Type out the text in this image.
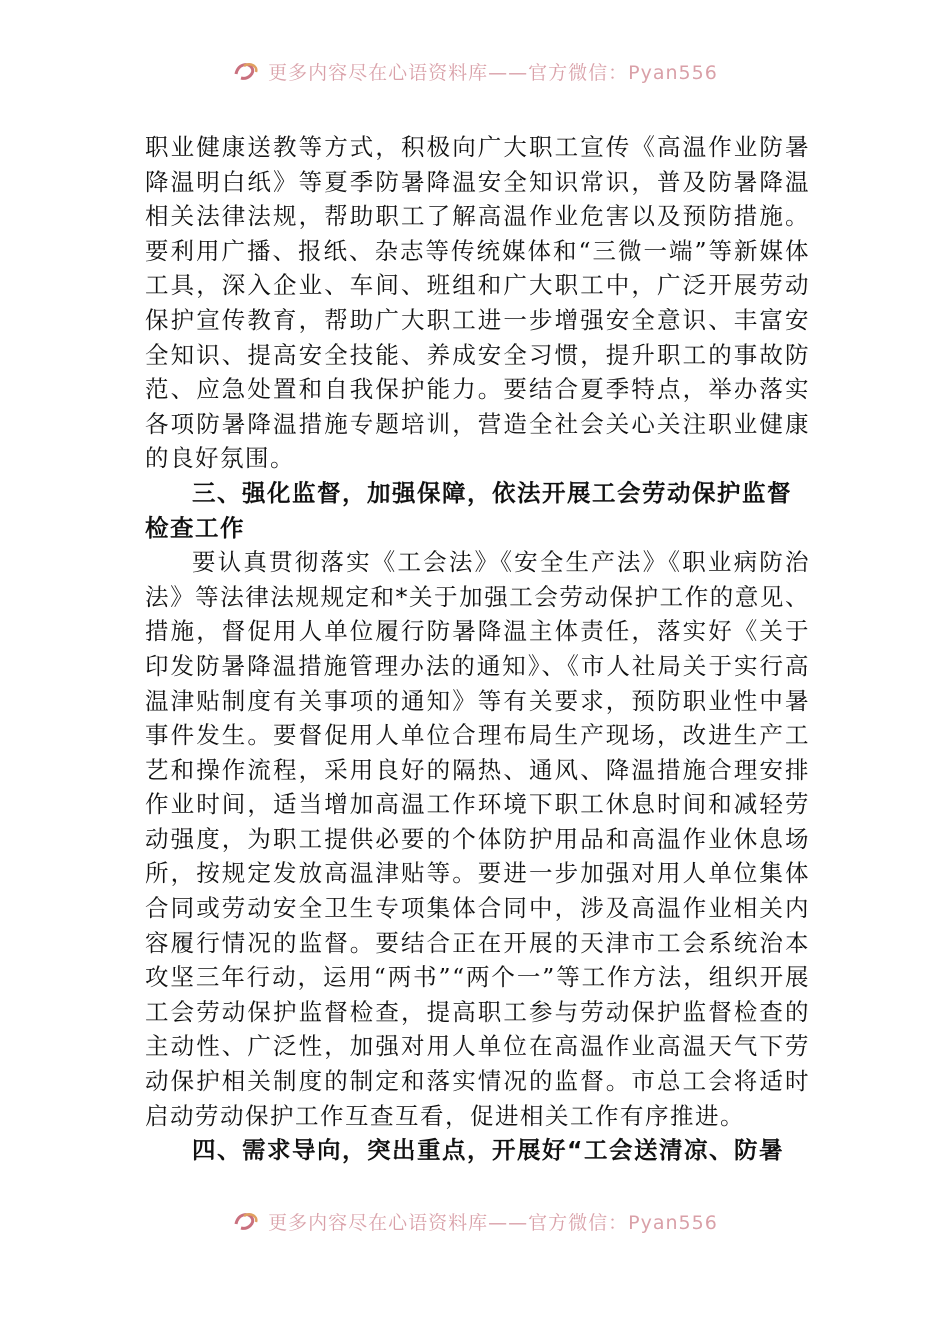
更多内容尽在心语资料库——官方微信：Pyan556

职业健康送教等方式，积极向广大职工宣传《高温作业防暑降温明白纸》等夏季防暑降温安全知识常识，普及防暑降温相关法律法规，帮助职工了解高温作业危害以及预防措施。要利用广播、报纸、杂志等传统媒体和“三微一端”等新媒体工具，深入企业、车间、班组和广大职工中，广泛开展劳动保护宣传教育，帮助广大职工进一步增强安全意识、丰富安全知识、提高安全技能、养成安全习惯，提升职工的事故防范、应急处置和自我保护能力。要结合夏季特点，举办落实各项防暑降温措施专题培训，营造全社会关心关注职业健康的良好氛围。

三、强化监督，加强保障，依法开展工会劳动保护监督检查工作

要认真贯彻落实《工会法》《安全生产法》《职业病防治法》等法律法规规定和*关于加强工会劳动保护工作的意见、措施，督促用人单位履行防暑降温主体责任，落实好《关于印发防暑降温措施管理办法的通知》、《市人社局关于实行高温津贴制度有关事项的通知》等有关要求，预防职业性中暑事件发生。要督促用人单位合理布局生产现场，改进生产工艺和操作流程，采用良好的隔热、通风、降温措施合理安排作业时间，适当增加高温工作环境下职工休息时间和减轻劳动强度，为职工提供必要的个体防护用品和高温作业休息场所，按规定发放高温津贴等。要进一步加强对用人单位集体合同或劳动安全卫生专项集体合同中，涉及高温作业相关内容履行情况的监督。要结合正在开展的天津市工会系统治本攻坚三年行动，运用“两书”“两个一”等工作方法，组织开展工会劳动保护监督检查，提高职工参与劳动保护监督检查的主动性、广泛性，加强对用人单位在高温作业高温天气下劳动保护相关制度的制定和落实情况的监督。市总工会将适时启动劳动保护工作互查互看，促进相关工作有序推进。

四、需求导向，突出重点，开展好“工会送清凉、防暑

更多内容尽在心语资料库——官方微信：Pyan556
